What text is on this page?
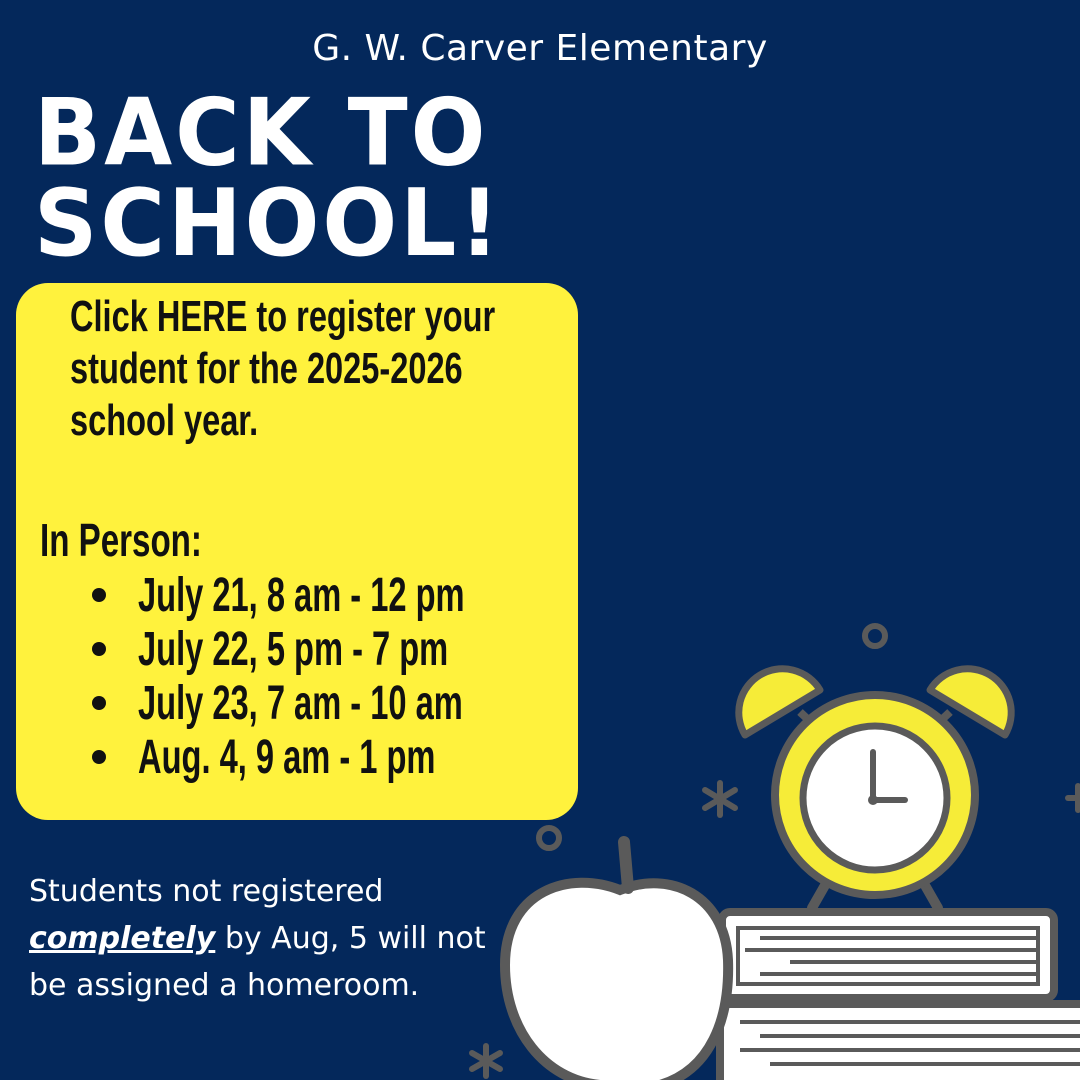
G. W. Carver Elementary
BACK TO
SCHOOL!
Click HERE to register your student for the 2025-2026 school year.
In Person:
July 21, 8 am - 12 pm
July 22, 5 pm - 7 pm
July 23, 7 am - 10 am
Aug. 4, 9 am - 1 pm
Students not registered
completely by Aug, 5 will not be assigned a homeroom.
